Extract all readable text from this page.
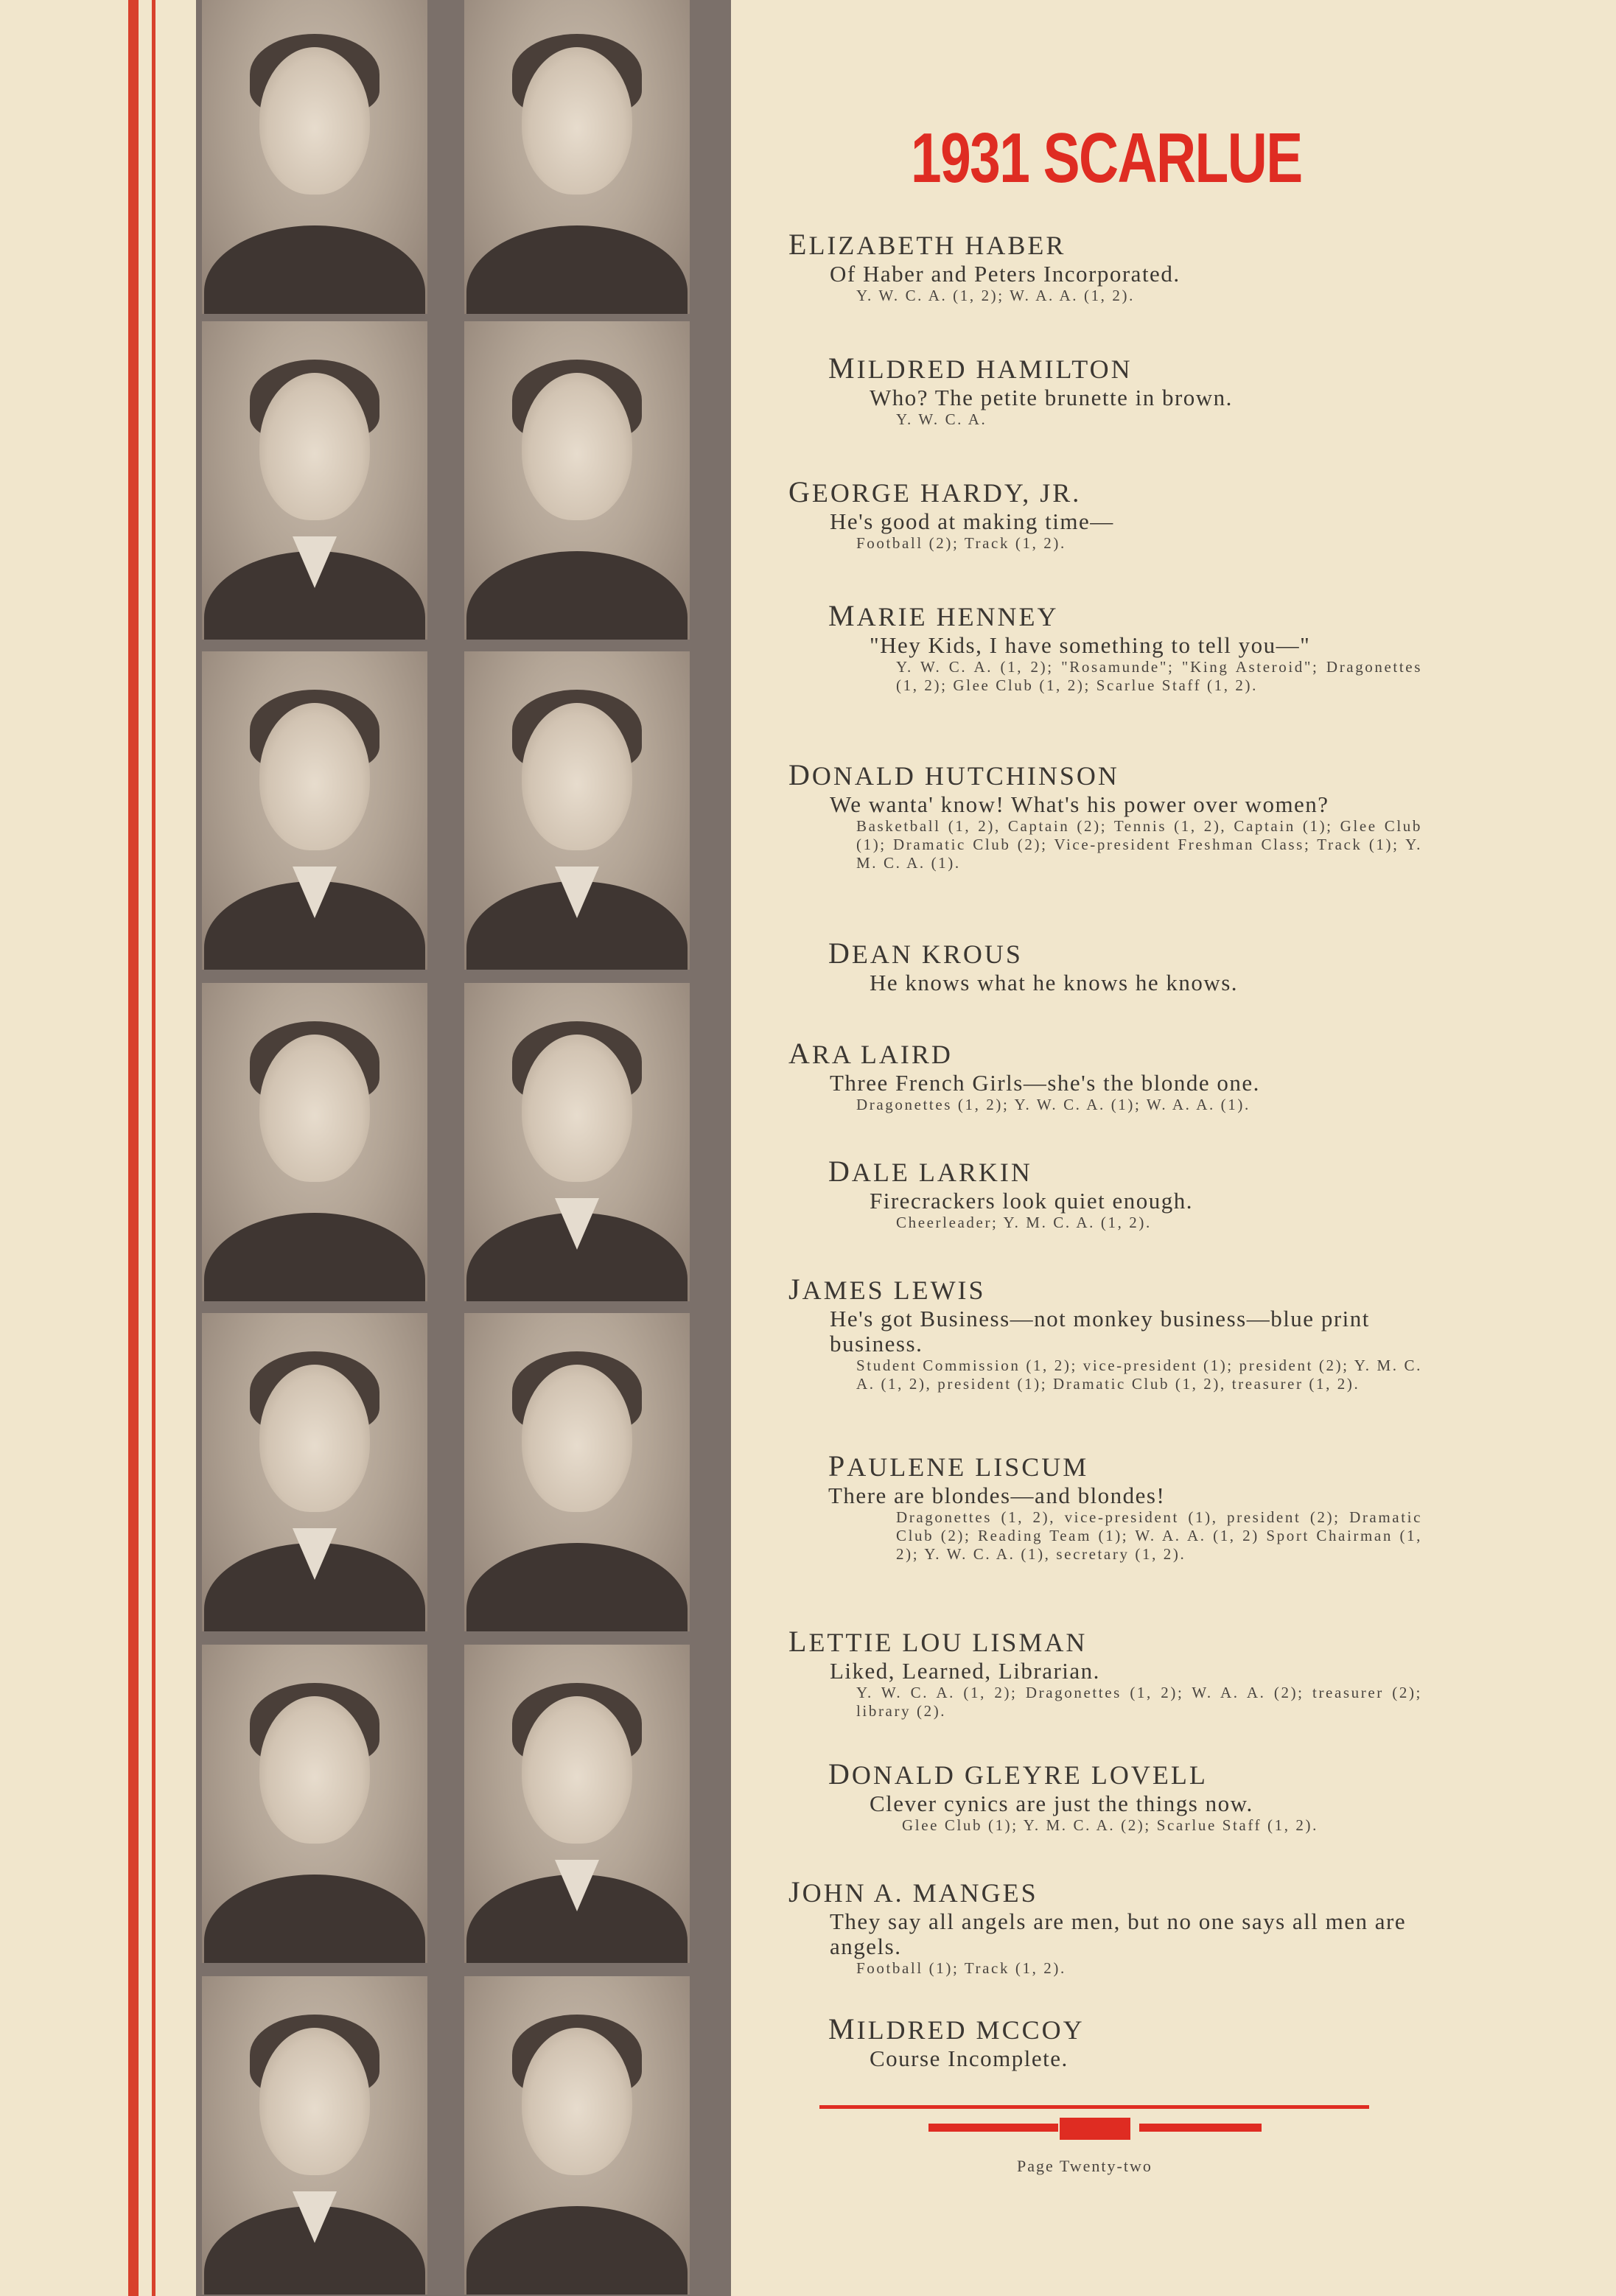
1931 SCARLUE
ELIZABETH HABER
Of Haber and Peters Incorporated.
Y. W. C. A. (1, 2); W. A. A. (1, 2).
MILDRED HAMILTON
Who? The petite brunette in brown.
Y. W. C. A.
GEORGE HARDY, JR.
He's good at making time—
Football (2); Track (1, 2).
MARIE HENNEY
"Hey Kids, I have something to tell you—"
Y. W. C. A. (1, 2); "Rosamunde"; "King Asteroid"; Dragonettes (1, 2); Glee Club (1, 2); Scarlue Staff (1, 2).
DONALD HUTCHINSON
We wanta' know! What's his power over women?
Basketball (1, 2), Captain (2); Tennis (1, 2), Captain (1); Glee Club (1); Dramatic Club (2); Vice-president Freshman Class; Track (1); Y. M. C. A. (1).
DEAN KROUS
He knows what he knows he knows.
ARA LAIRD
Three French Girls—she's the blonde one.
Dragonettes (1, 2); Y. W. C. A. (1); W. A. A. (1).
DALE LARKIN
Firecrackers look quiet enough.
Cheerleader; Y. M. C. A. (1, 2).
JAMES LEWIS
He's got Business—not monkey business—blue print business.
Student Commission (1, 2); vice-president (1); president (2); Y. M. C. A. (1, 2), president (1); Dramatic Club (1, 2), treasurer (1, 2).
PAULENE LISCUM
There are blondes—and blondes!
Dragonettes (1, 2), vice-president (1), president (2); Dramatic Club (2); Reading Team (1); W. A. A. (1, 2) Sport Chairman (1, 2); Y. W. C. A. (1), secretary (1, 2).
LETTIE LOU LISMAN
Liked, Learned, Librarian.
Y. W. C. A. (1, 2); Dragonettes (1, 2); W. A. A. (2); treasurer (2); library (2).
DONALD GLEYRE LOVELL
Clever cynics are just the things now.
Glee Club (1); Y. M. C. A. (2); Scarlue Staff (1, 2).
JOHN A. MANGES
They say all angels are men, but no one says all men are angels.
Football (1); Track (1, 2).
MILDRED MCCOY
Course Incomplete.
Page Twenty-two
